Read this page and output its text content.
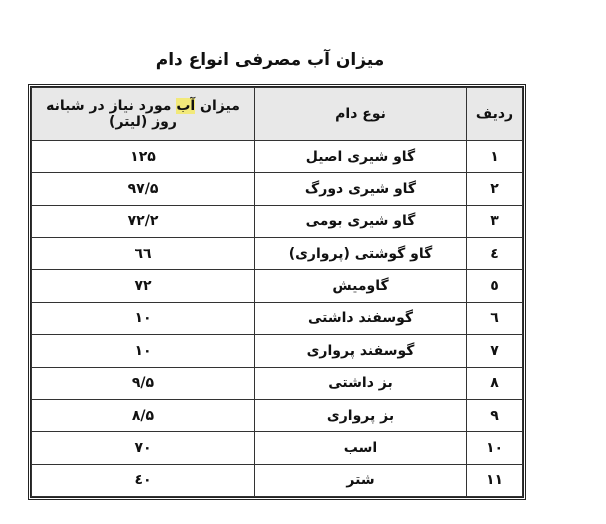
میزان آب مصرفی انواع دام
ردیف	نوع دام	میزان آب مورد نیاز در شبانه روز (لیتر)
۱	گاو شیری اصیل	۱۲۵
۲	گاو شیری دورگ	۹۷/۵
۳	گاو شیری بومی	۷۲/۲
٤	گاو گوشتی (پرواری)	٦٦
٥	گاومیش	۷۲
٦	گوسفند داشتی	۱۰
۷	گوسفند پرواری	۱۰
۸	بز داشتی	۹/۵
۹	بز پرواری	۸/۵
۱۰	اسب	۷۰
۱۱	شتر	٤۰
